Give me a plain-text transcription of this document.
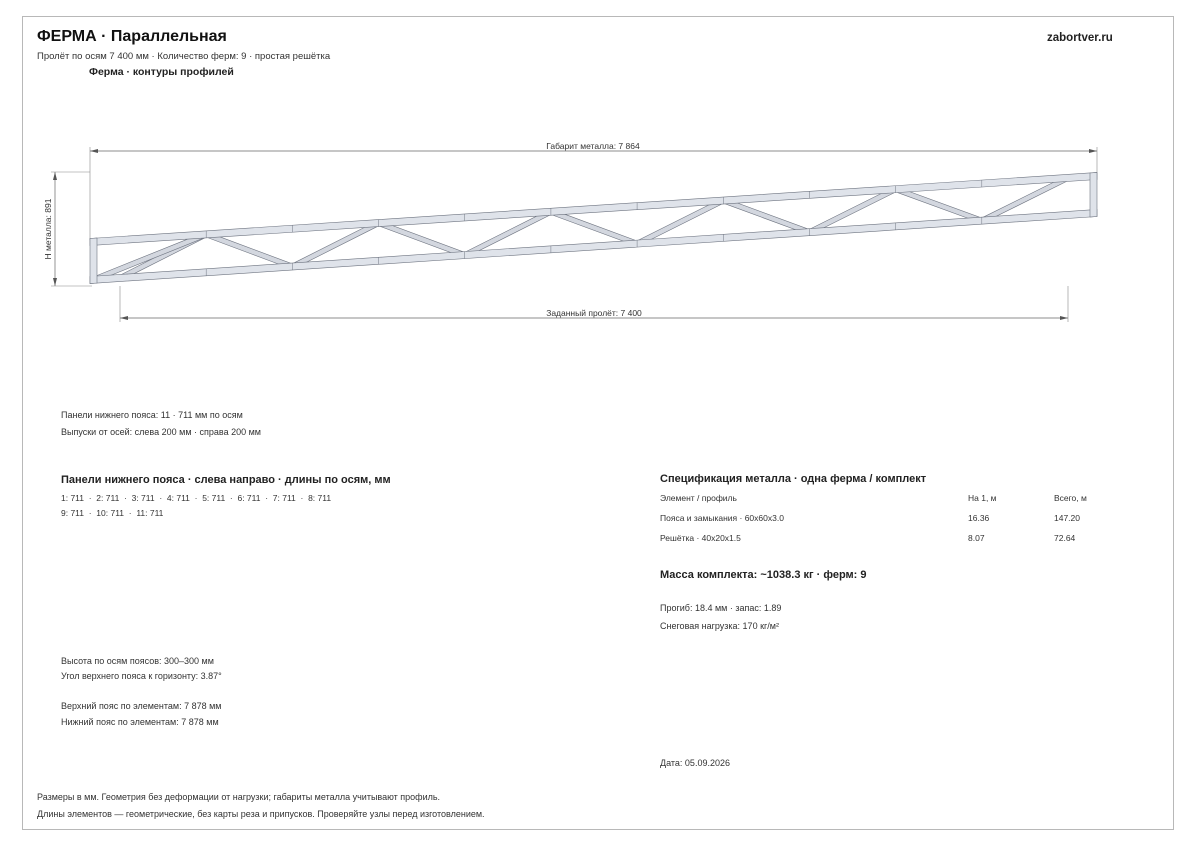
ФЕРМА · Параллельная
Пролёт по осям 7 400 мм · Количество ферм: 9 · простая решётка
Ферма · контуры профилей
zabortver.ru
Габарит металла: 7 864
Заданный пролёт: 7 400
H металла: 891
Панели нижнего пояса: 11 · 711 мм по осям
Выпуски от осей: слева 200 мм · справа 200 мм
Панели нижнего пояса · слева направо · длины по осям, мм
1: 711  ·  2: 711  ·  3: 711  ·  4: 711  ·  5: 711  ·  6: 711  ·  7: 711  ·  8: 711
9: 711  ·  10: 711  ·  11: 711
Высота по осям поясов: 300–300 мм
Угол верхнего пояса к горизонту: 3.87°
Верхний пояс по элементам: 7 878 мм
Нижний пояс по элементам: 7 878 мм
Спецификация металла · одна ферма / комплект
Элемент / профиль	На 1, м	Всего, м
Пояса и замыкания · 60x60x3.0	16.36	147.20
Решётка · 40x20x1.5	8.07	72.64
Масса комплекта: ~1038.3 кг · ферм: 9
Прогиб: 18.4 мм · запас: 1.89
Снеговая нагрузка: 170 кг/м²
Дата: 05.09.2026
Размеры в мм. Геометрия без деформации от нагрузки; габариты металла учитывают профиль.
Длины элементов — геометрические, без карты реза и припусков. Проверяйте узлы перед изготовлением.
